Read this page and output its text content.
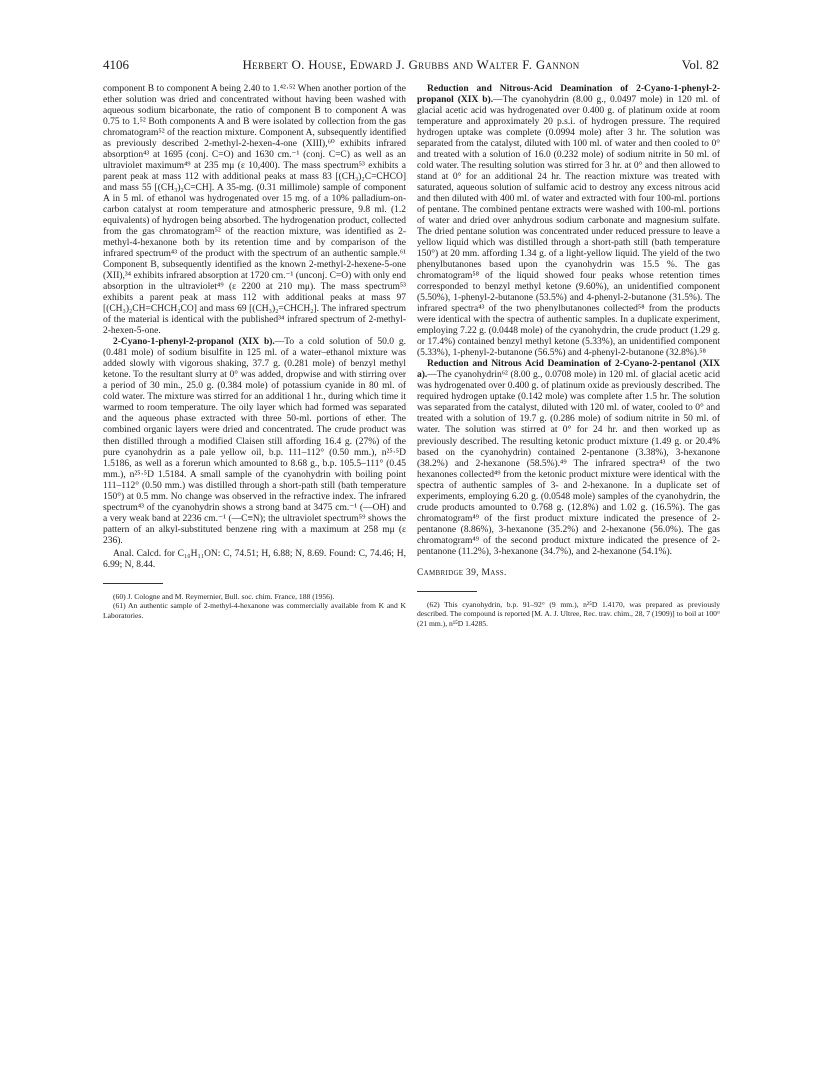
4106	Herbert O. House, Edward J. Grubbs and Walter F. Gannon	Vol. 82

component B to component A being 2.40 to 1.⁴²·⁵² When another portion of the ether solution was dried and concentrated without having been washed with aqueous sodium bicarbonate, the ratio of component B to component A was 0.75 to 1.⁵² Both components A and B were isolated by collection from the gas chromatogram⁵² of the reaction mixture. Component A, subsequently identified as previously described 2-methyl-2-hexen-4-one (XIII),⁶⁰ exhibits infrared absorption⁴³ at 1695 (conj. C=O) and 1630 cm.⁻¹ (conj. C=C) as well as an ultraviolet maximum⁴⁹ at 235 mμ (ε 10,400). The mass spectrum⁵³ exhibits a parent peak at mass 112 with additional peaks at mass 83 [(CH₃)₂C=CHCO] and mass 55 [(CH₃)₂C=CH]. A 35-mg. (0.31 millimole) sample of component A in 5 ml. of ethanol was hydrogenated over 15 mg. of a 10% palladium-on-carbon catalyst at room temperature and atmospheric pressure, 9.8 ml. (1.2 equivalents) of hydrogen being absorbed. The hydrogenation product, collected from the gas chromatogram⁵² of the reaction mixture, was identified as 2-methyl-4-hexanone both by its retention time and by comparison of the infrared spectrum⁴³ of the product with the spectrum of an authentic sample.⁶¹ Component B, subsequently identified as the known 2-methyl-2-hexene-5-one (XII),³⁴ exhibits infrared absorption at 1720 cm.⁻¹ (unconj. C=O) with only end absorption in the ultraviolet⁴⁹ (ε 2200 at 210 mμ). The mass spectrum⁵³ exhibits a parent peak at mass 112 with additional peaks at mass 97 [(CH₃)₂CH=CHCH₂CO] and mass 69 [(CH₃)₂=CHCH₂]. The infrared spectrum of the material is identical with the published³⁴ infrared spectrum of 2-methyl-2-hexen-5-one.

2-Cyano-1-phenyl-2-propanol (XIX b).—To a cold solution of 50.0 g. (0.481 mole) of sodium bisulfite in 125 ml. of a water–ethanol mixture was added slowly with vigorous shaking, 37.7 g. (0.281 mole) of benzyl methyl ketone. To the resultant slurry at 0° was added, dropwise and with stirring over a period of 30 min., 25.0 g. (0.384 mole) of potassium cyanide in 80 ml. of cold water. The mixture was stirred for an additional 1 hr., during which time it warmed to room temperature. The oily layer which had formed was separated and the aqueous phase extracted with three 50-ml. portions of ether. The combined organic layers were dried and concentrated. The crude product was then distilled through a modified Claisen still affording 16.4 g. (27%) of the pure cyanohydrin as a pale yellow oil, b.p. 111–112° (0.50 mm.), n²⁵·⁵D 1.5186, as well as a forerun which amounted to 8.68 g., b.p. 105.5–111° (0.45 mm.), n²⁵·⁵D 1.5184. A small sample of the cyanohydrin with boiling point 111–112° (0.50 mm.) was distilled through a short-path still (bath temperature 150°) at 0.5 mm. No change was observed in the refractive index. The infrared spectrum⁴³ of the cyanohydrin shows a strong band at 3475 cm.⁻¹ (—OH) and a very weak band at 2236 cm.⁻¹ (—C≡N); the ultraviolet spectrum⁵⁹ shows the pattern of an alkyl-substituted benzene ring with a maximum at 258 mμ (ε 236).

Anal. Calcd. for C₁₀H₁₁ON: C, 74.51; H, 6.88; N, 8.69. Found: C, 74.46; H, 6.99; N, 8.44.

(60) J. Cologne and M. Reymernier, Bull. soc. chim. France, 188 (1956).

(61) An authentic sample of 2-methyl-4-hexanone was commercially available from K and K Laboratories.

Reduction and Nitrous-Acid Deamination of 2-Cyano-1-phenyl-2-propanol (XIX b).—The cyanohydrin (8.00 g., 0.0497 mole) in 120 ml. of glacial acetic acid was hydrogenated over 0.400 g. of platinum oxide at room temperature and approximately 20 p.s.i. of hydrogen pressure. The required hydrogen uptake was complete (0.0994 mole) after 3 hr. The solution was separated from the catalyst, diluted with 100 ml. of water and then cooled to 0° and treated with a solution of 16.0 (0.232 mole) of sodium nitrite in 50 ml. of cold water. The resulting solution was stirred for 3 hr. at 0° and then allowed to stand at 0° for an additional 24 hr. The reaction mixture was treated with saturated, aqueous solution of sulfamic acid to destroy any excess nitrous acid and then diluted with 400 ml. of water and extracted with four 100-ml. portions of pentane. The combined pentane extracts were washed with 100-ml. portions of water and dried over anhydrous sodium carbonate and magnesium sulfate. The dried pentane solution was concentrated under reduced pressure to leave a yellow liquid which was distilled through a short-path still (bath temperature 150°) at 20 mm. affording 1.34 g. of a light-yellow liquid. The yield of the two phenylbutanones based upon the cyanohydrin was 15.5 %. The gas chromatogram⁵⁸ of the liquid showed four peaks whose retention times corresponded to benzyl methyl ketone (9.60%), an unidentified component (5.50%), 1-phenyl-2-butanone (53.5%) and 4-phenyl-2-butanone (31.5%). The infrared spectra⁴³ of the two phenylbutanones collected⁵⁸ from the products were identical with the spectra of authentic samples. In a duplicate experiment, employing 7.22 g. (0.0448 mole) of the cyanohydrin, the crude product (1.29 g. or 17.4%) contained benzyl methyl ketone (5.33%), an unidentified component (5.33%), 1-phenyl-2-butanone (56.5%) and 4-phenyl-2-butanone (32.8%).⁵⁸

Reduction and Nitrous Acid Deamination of 2-Cyano-2-pentanol (XIX a).—The cyanohydrin⁶² (8.00 g., 0.0708 mole) in 120 ml. of glacial acetic acid was hydrogenated over 0.400 g. of platinum oxide as previously described. The required hydrogen uptake (0.142 mole) was complete after 1.5 hr. The solution was separated from the catalyst, diluted with 120 ml. of water, cooled to 0° and treated with a solution of 19.7 g. (0.286 mole) of sodium nitrite in 50 ml. of water. The solution was stirred at 0° for 24 hr. and then worked up as previously described. The resulting ketonic product mixture (1.49 g. or 20.4% based on the cyanohydrin) contained 2-pentanone (3.38%), 3-hexanone (38.2%) and 2-hexanone (58.5%).⁴⁹ The infrared spectra⁴³ of the two hexanones collected⁴⁹ from the ketonic product mixture were identical with the spectra of authentic samples of 3- and 2-hexanone. In a duplicate set of experiments, employing 6.20 g. (0.0548 mole) samples of the cyanohydrin, the crude products amounted to 0.768 g. (12.8%) and 1.02 g. (16.5%). The gas chromatogram⁴⁹ of the first product mixture indicated the presence of 2-pentanone (8.86%), 3-hexanone (35.2%) and 2-hexanone (56.0%). The gas chromatogram⁴⁹ of the second product mixture indicated the presence of 2-pentanone (11.2%), 3-hexanone (34.7%), and 2-hexanone (54.1%).

Cambridge 39, Mass.

(62) This cyanohydrin, b.p. 91–92° (9 mm.), n²⁵D 1.4170, was prepared as previously described. The compound is reported [M. A. J. Ultree, Rec. trav. chim., 28, 7 (1909)] to boil at 100° (21 mm.), n¹⁵D 1.4285.
